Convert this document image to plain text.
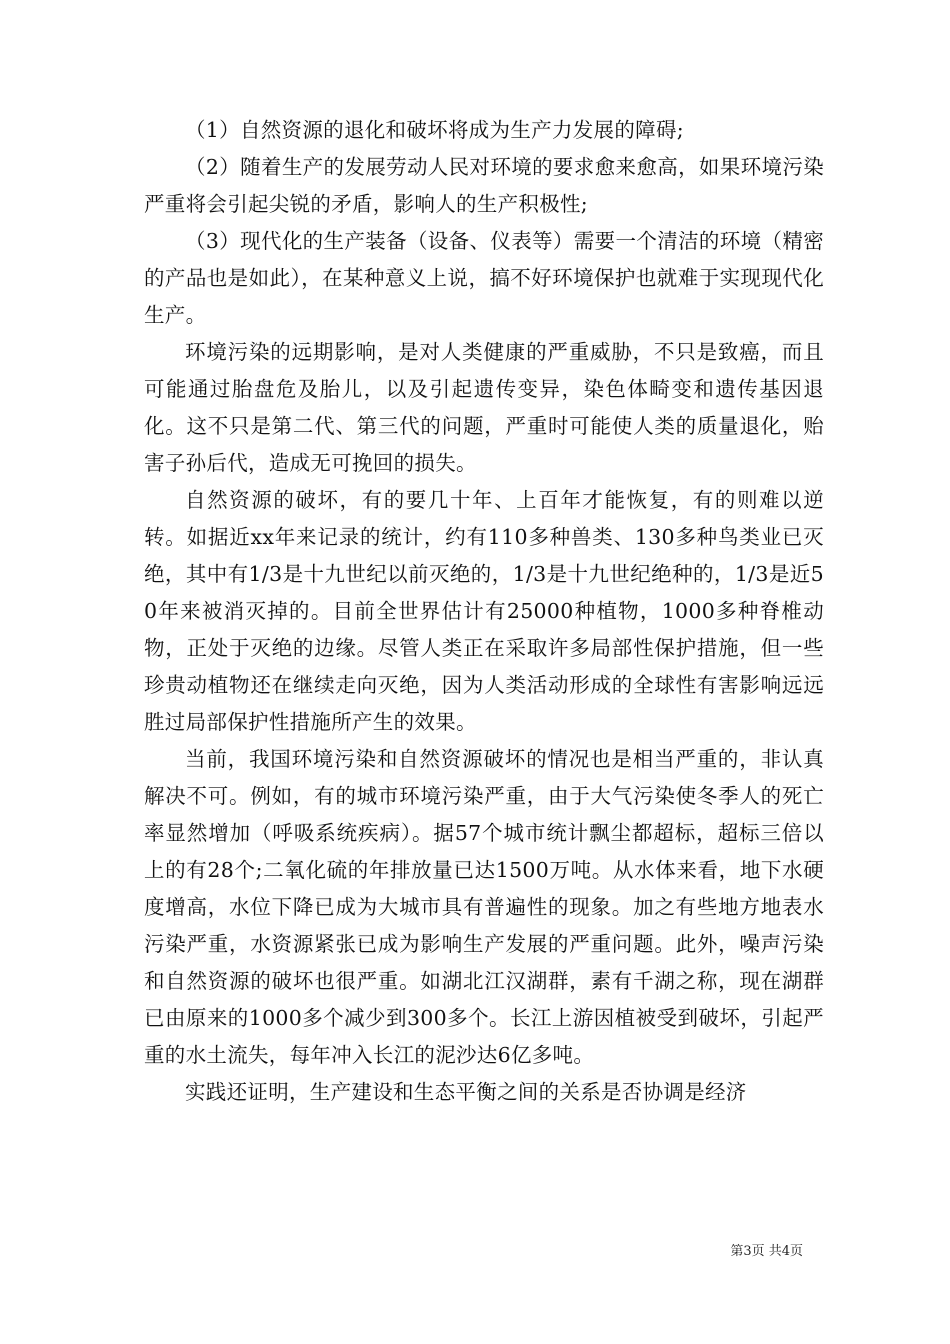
（1）自然资源的退化和破坏将成为生产力发展的障碍;

（2）随着生产的发展劳动人民对环境的要求愈来愈高，如果环境污染严重将会引起尖锐的矛盾，影响人的生产积极性;

（3）现代化的生产装备（设备、仪表等）需要一个清洁的环境（精密的产品也是如此），在某种意义上说，搞不好环境保护也就难于实现现代化生产。

环境污染的远期影响，是对人类健康的严重威胁，不只是致癌，而且可能通过胎盘危及胎儿，以及引起遗传变异，染色体畸变和遗传基因退化。这不只是第二代、第三代的问题，严重时可能使人类的质量退化，贻害子孙后代，造成无可挽回的损失。

自然资源的破坏，有的要几十年、上百年才能恢复，有的则难以逆转。如据近xx年来记录的统计，约有110多种兽类、130多种鸟类业已灭绝，其中有1/3是十九世纪以前灭绝的，1/3是十九世纪绝种的，1/3是近50年来被消灭掉的。目前全世界估计有25000种植物，1000多种脊椎动物，正处于灭绝的边缘。尽管人类正在采取许多局部性保护措施，但一些珍贵动植物还在继续走向灭绝，因为人类活动形成的全球性有害影响远远胜过局部保护性措施所产生的效果。

当前，我国环境污染和自然资源破坏的情况也是相当严重的，非认真解决不可。例如，有的城市环境污染严重，由于大气污染使冬季人的死亡率显然增加（呼吸系统疾病）。据57个城市统计飘尘都超标，超标三倍以上的有28个;二氧化硫的年排放量已达1500万吨。从水体来看，地下水硬度增高，水位下降已成为大城市具有普遍性的现象。加之有些地方地表水污染严重，水资源紧张已成为影响生产发展的严重问题。此外，噪声污染和自然资源的破坏也很严重。如湖北江汉湖群，素有千湖之称，现在湖群已由原来的1000多个减少到300多个。长江上游因植被受到破坏，引起严重的水土流失，每年冲入长江的泥沙达6亿多吨。

实践还证明，生产建设和生态平衡之间的关系是否协调是经济

第3页 共4页
